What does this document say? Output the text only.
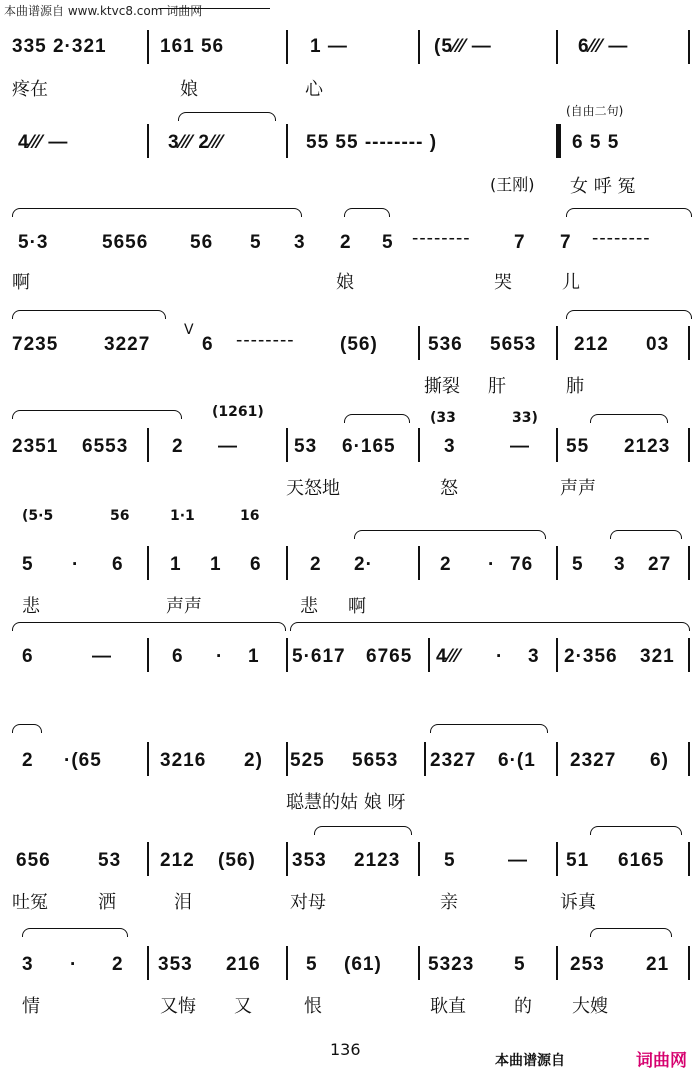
本曲谱源自 www.ktvc8.com 词曲网
335 2·321	161 56	1 —	(5⁄⁄⁄ —	6⁄⁄⁄ —
疼在	娘	心
(自由二句)
4⁄⁄⁄ —	3⁄⁄⁄ 2⁄⁄⁄	55 55 -------- )	6 5 5
(王刚) 女 呼 冤
5·3	5656 56 5 3 2 5 -------- 7 7 --------
啊	娘	哭	儿
V
7235 3227	6 -------- (56)	536 5653 212 03
撕裂 肝	肺
(1261)	(33	33)
2351 6553 2 —	53 6·165	3	— 55 2123
天怒地	怒	声声
(5·5	56	1·1	16
5 · 6 1 1 6	2 2·	2 · 76 5 3 27
悲	声声	悲 啊
6	—	6 · 1 5·617 6765 4⁄⁄⁄ · 3 2·356 321
2 ·(65	3216 2) 525 5653 2327 6·(1 2327 6)
聪慧的姑 娘 呀
656 53 212 (56) 353 2123 5	— 51 6165
吐冤	洒	泪	对母	亲	诉真
3 · 2 353 216 5 (61) 5323 5 253 21
情	又悔 又	恨	耿直	的 大嫂
136
本曲谱源自	词曲网
